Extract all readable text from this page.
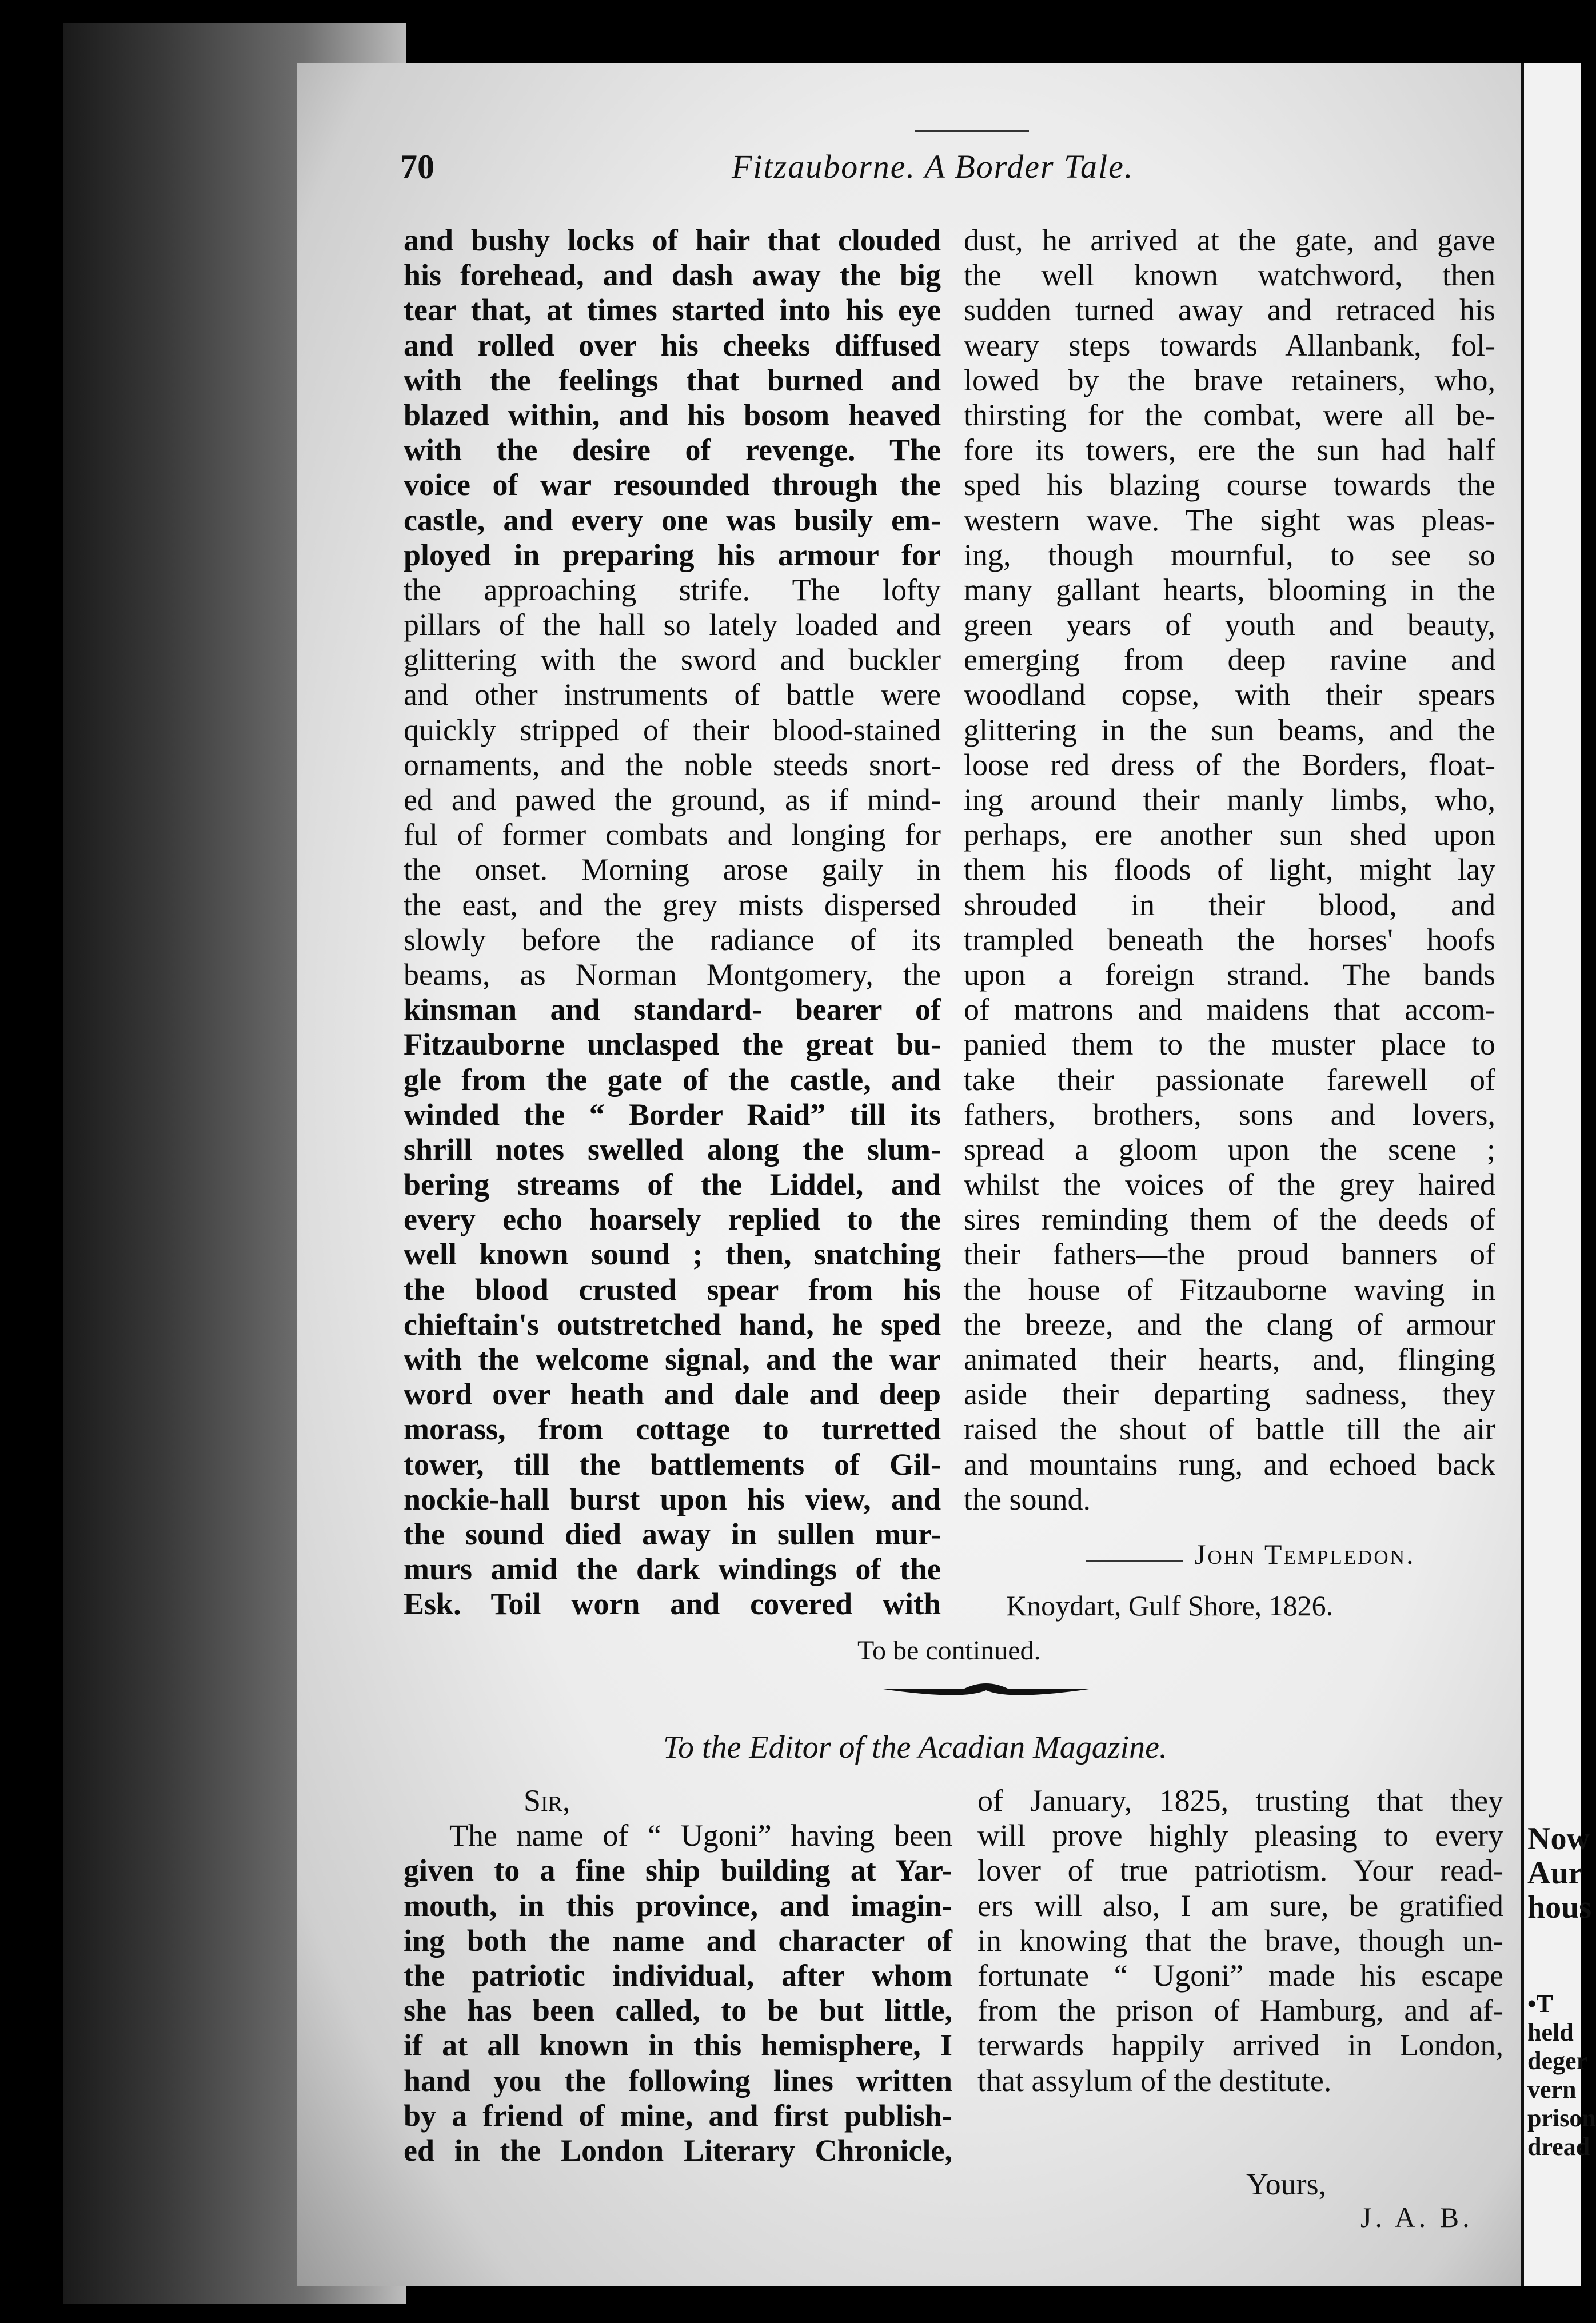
Now
Aur
hous
•T
held
deger
vern
prison
dread
70	Fitzauborne. A Border Tale.
and bushy locks of hair that clouded
his forehead, and dash away the big
tear that, at times started into his eye
and rolled over his cheeks diffused
with the feelings that burned and
blazed within, and his bosom heaved
with the desire of revenge. The
voice of war resounded through the
castle, and every one was busily em-
ployed in preparing his armour for
the approaching strife. The lofty
pillars of the hall so lately loaded and
glittering with the sword and buckler
and other instruments of battle were
quickly stripped of their blood-stained
ornaments, and the noble steeds snort-
ed and pawed the ground, as if mind-
ful of former combats and longing for
the onset. Morning arose gaily in
the east, and the grey mists dispersed
slowly before the radiance of its
beams, as Norman Montgomery, the
kinsman and standard- bearer of
Fitzauborne unclasped the great bu-
gle from the gate of the castle, and
winded the “ Border Raid” till its
shrill notes swelled along the slum-
bering streams of the Liddel, and
every echo hoarsely replied to the
well known sound ; then, snatching
the blood crusted spear from his
chieftain's outstretched hand, he sped
with the welcome signal, and the war
word over heath and dale and deep
morass, from cottage to turretted
tower, till the battlements of Gil-
nockie-hall burst upon his view, and
the sound died away in sullen mur-
murs amid the dark windings of the
Esk. Toil worn and covered with
dust, he arrived at the gate, and gave
the well known watchword, then
sudden turned away and retraced his
weary steps towards Allanbank, fol-
lowed by the brave retainers, who,
thirsting for the combat, were all be-
fore its towers, ere the sun had half
sped his blazing course towards the
western wave. The sight was pleas-
ing, though mournful, to see so
many gallant hearts, blooming in the
green years of youth and beauty,
emerging from deep ravine and
woodland copse, with their spears
glittering in the sun beams, and the
loose red dress of the Borders, float-
ing around their manly limbs, who,
perhaps, ere another sun shed upon
them his floods of light, might lay
shrouded in their blood, and
trampled beneath the horses' hoofs
upon a foreign strand. The bands
of matrons and maidens that accom-
panied them to the muster place to
take their passionate farewell of
fathers, brothers, sons and lovers,
spread a gloom upon the scene ;
whilst the voices of the grey haired
sires reminding them of the deeds of
their fathers—the proud banners of
the house of Fitzauborne waving in
the breeze, and the clang of armour
animated their hearts, and, flinging
aside their departing sadness, they
raised the shout of battle till the air
and mountains rung, and echoed back
the sound.
John Templedon.
Knoydart, Gulf Shore, 1826.
To be continued.
To the Editor of the Acadian Magazine.
Sir,
The name of “ Ugoni” having been
given to a fine ship building at Yar-
mouth, in this province, and imagin-
ing both the name and character of
the patriotic individual, after whom
she has been called, to be but little,
if at all known in this hemisphere, I
hand you the following lines written
by a friend of mine, and first publish-
ed in the London Literary Chronicle,
of January, 1825, trusting that they
will prove highly pleasing to every
lover of true patriotism. Your read-
ers will also, I am sure, be gratified
in knowing that the brave, though un-
fortunate “ Ugoni” made his escape
from the prison of Hamburg, and af-
terwards happily arrived in London,
that assylum of the destitute.
Yours,
J. A. B.
